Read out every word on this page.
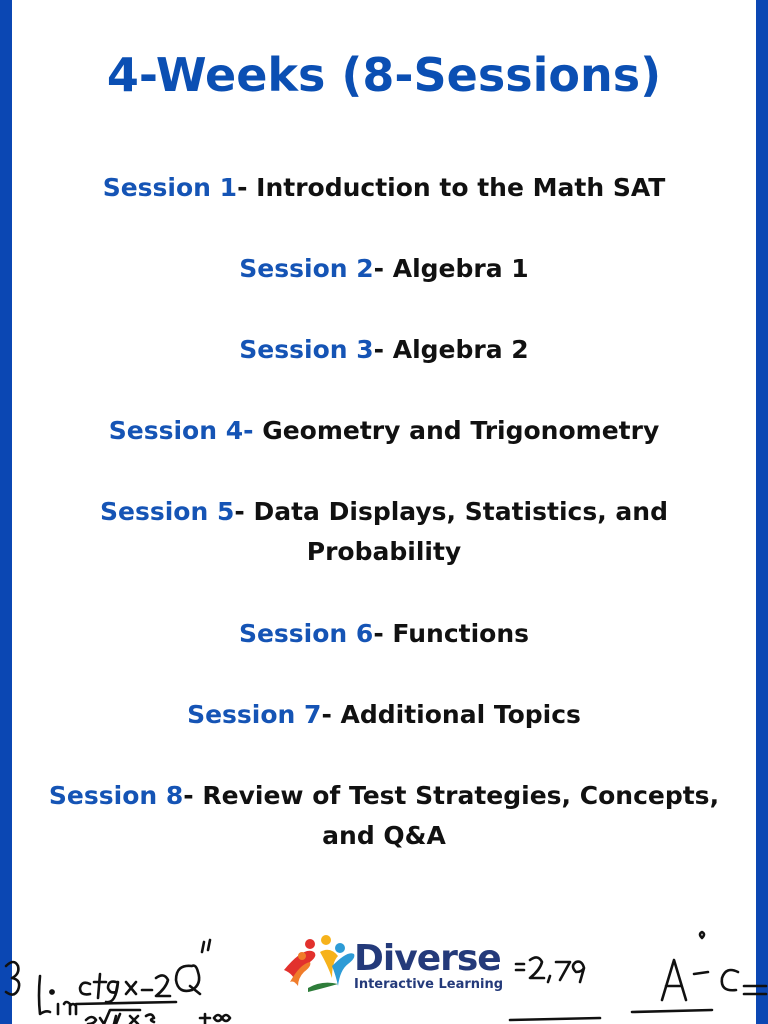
4-Weeks (8-Sessions)
Session 1- Introduction to the Math SAT
Session 2- Algebra 1
Session 3- Algebra 2
Session 4- Geometry and Trigonometry
Session 5- Data Displays, Statistics, and Probability
Session 6- Functions
Session 7- Additional Topics
Session 8- Review of Test Strategies, Concepts, and Q&A
Diverse
Interactive Learning
